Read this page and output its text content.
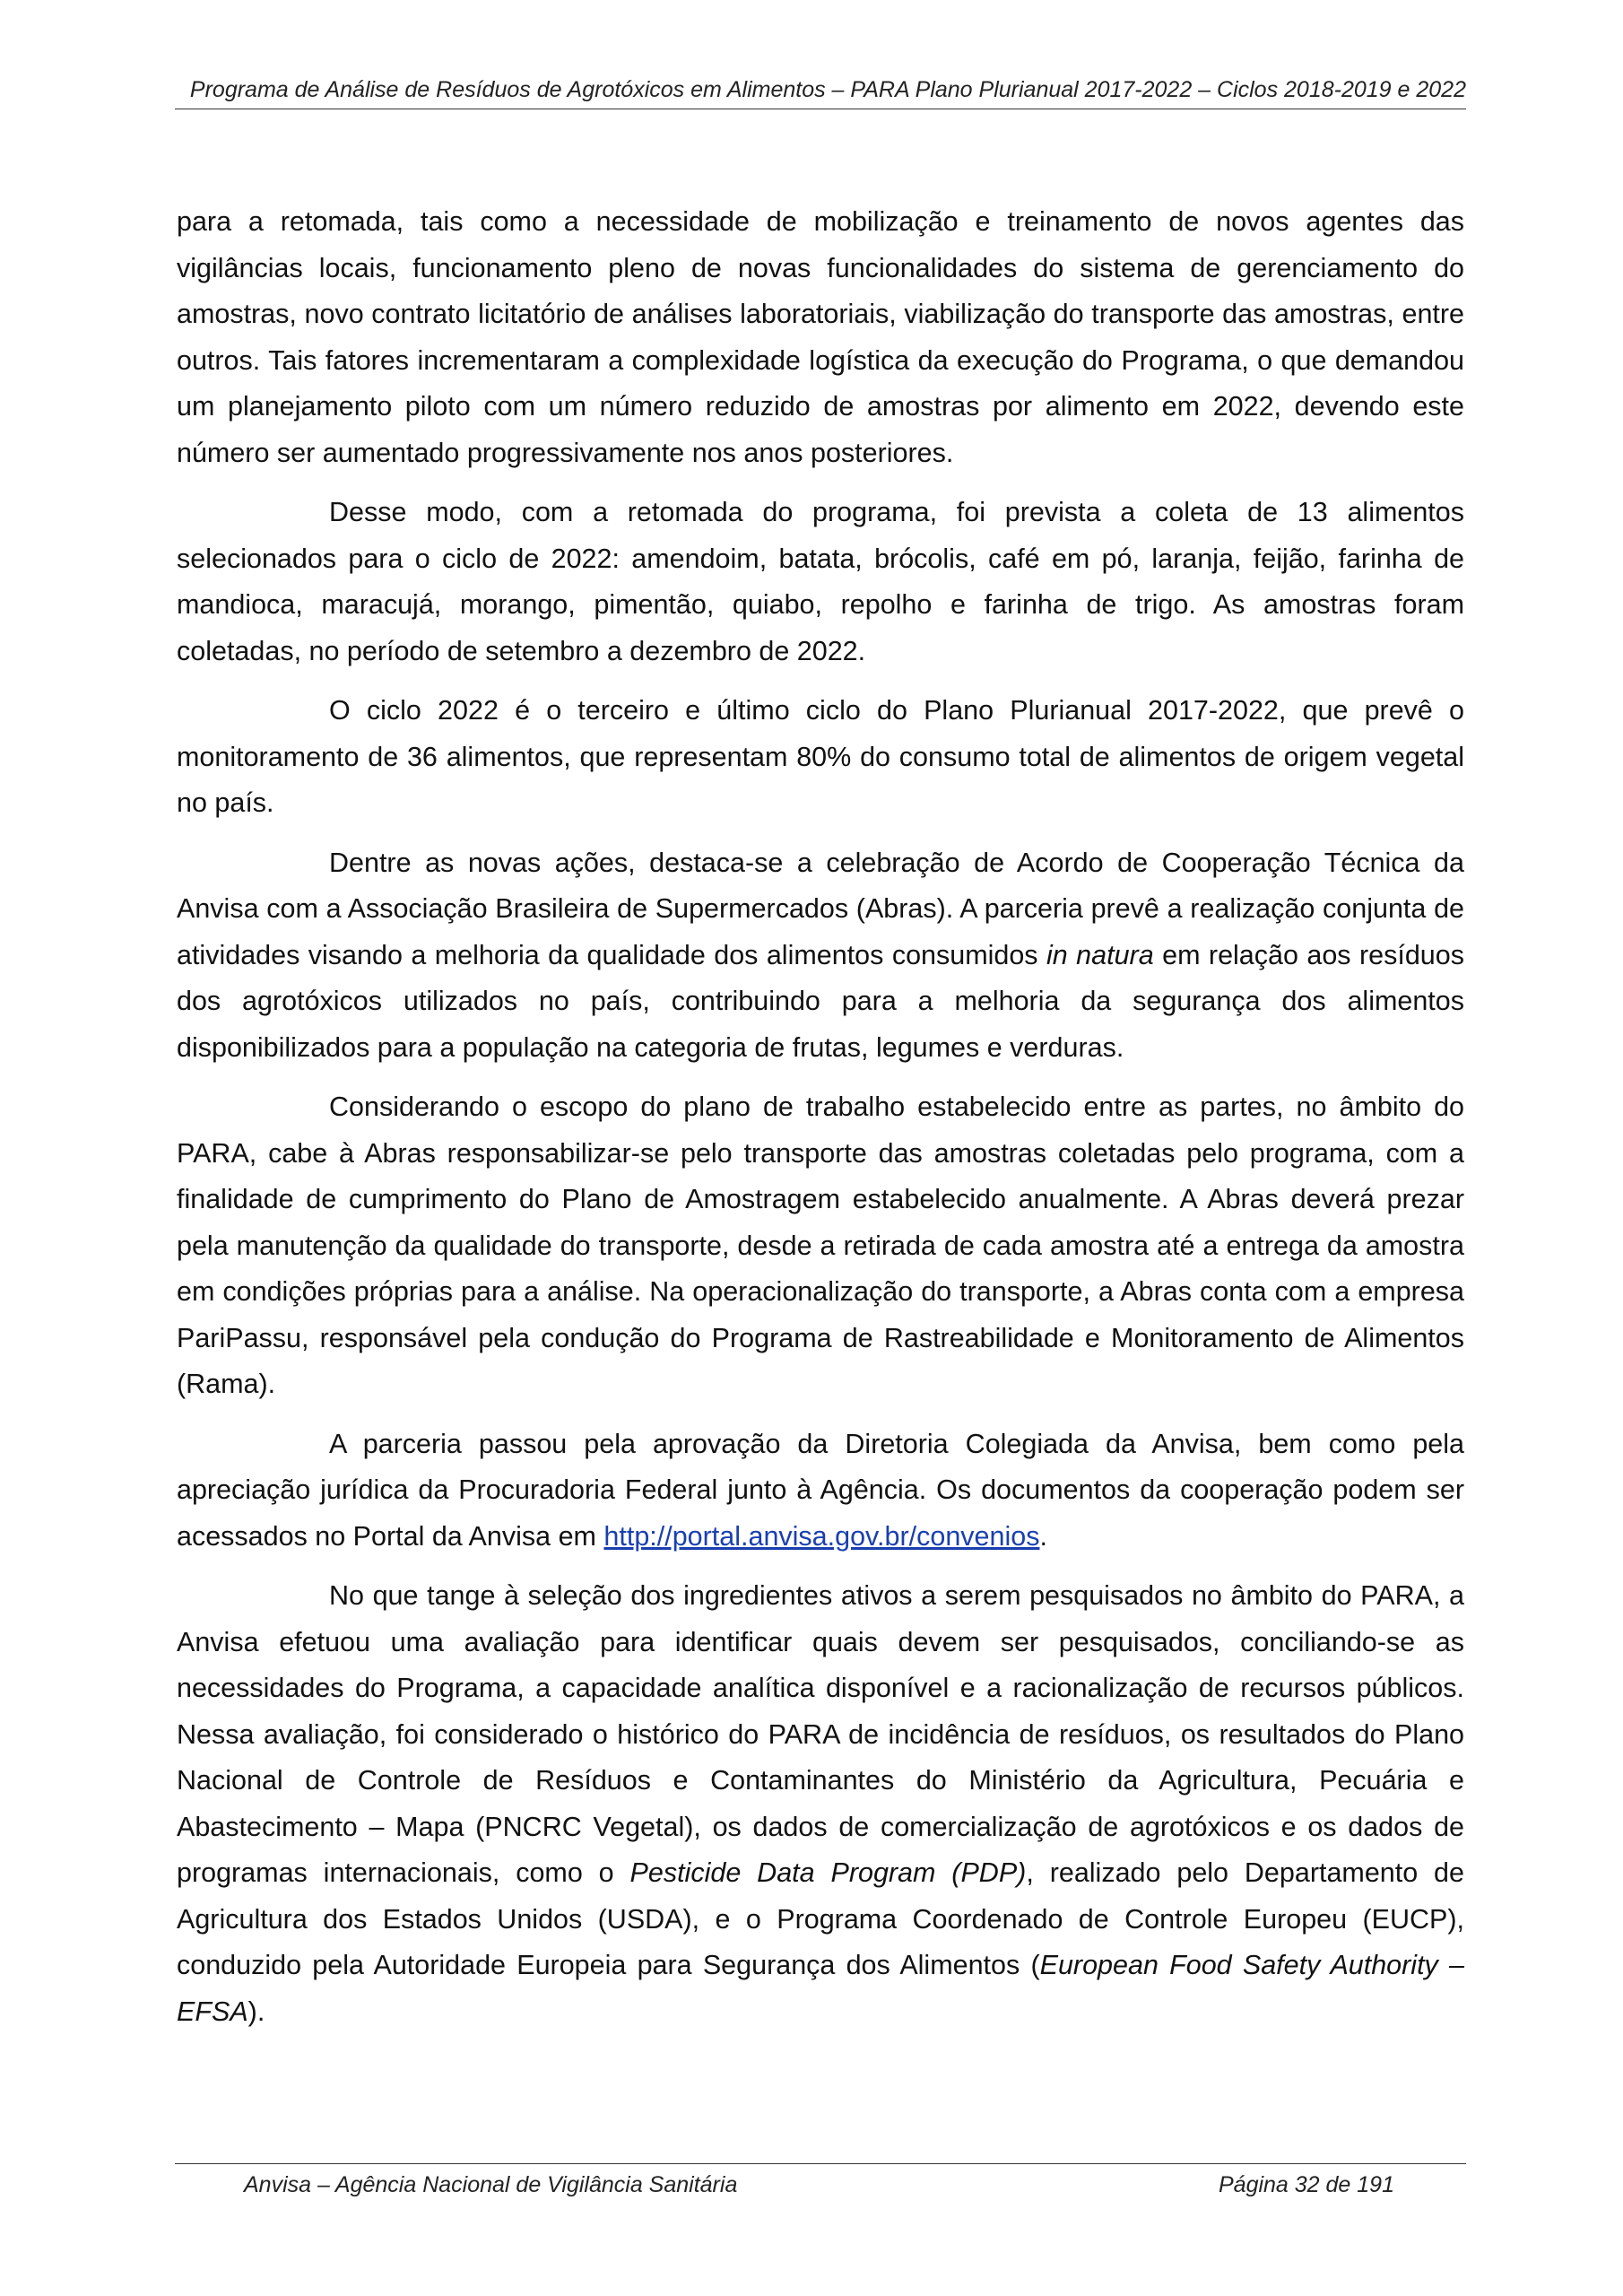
Programa de Análise de Resíduos de Agrotóxicos em Alimentos – PARA Plano Plurianual 2017-2022 – Ciclos 2018-2019 e 2022

para a retomada, tais como a necessidade de mobilização e treinamento de novos agentes das vigilâncias locais, funcionamento pleno de novas funcionalidades do sistema de gerenciamento do amostras, novo contrato licitatório de análises laboratoriais, viabilização do transporte das amostras, entre outros. Tais fatores incrementaram a complexidade logística da execução do Programa, o que demandou um planejamento piloto com um número reduzido de amostras por alimento em 2022, devendo este número ser aumentado progressivamente nos anos posteriores.

Desse modo, com a retomada do programa, foi prevista a coleta de 13 alimentos selecionados para o ciclo de 2022: amendoim, batata, brócolis, café em pó, laranja, feijão, farinha de mandioca, maracujá, morango, pimentão, quiabo, repolho e farinha de trigo. As amostras foram coletadas, no período de setembro a dezembro de 2022.

O ciclo 2022 é o terceiro e último ciclo do Plano Plurianual 2017-2022, que prevê o monitoramento de 36 alimentos, que representam 80% do consumo total de alimentos de origem vegetal no país.

Dentre as novas ações, destaca-se a celebração de Acordo de Cooperação Técnica da Anvisa com a Associação Brasileira de Supermercados (Abras). A parceria prevê a realização conjunta de atividades visando a melhoria da qualidade dos alimentos consumidos in natura em relação aos resíduos dos agrotóxicos utilizados no país, contribuindo para a melhoria da segurança dos alimentos disponibilizados para a população na categoria de frutas, legumes e verduras.

Considerando o escopo do plano de trabalho estabelecido entre as partes, no âmbito do PARA, cabe à Abras responsabilizar-se pelo transporte das amostras coletadas pelo programa, com a finalidade de cumprimento do Plano de Amostragem estabelecido anualmente. A Abras deverá prezar pela manutenção da qualidade do transporte, desde a retirada de cada amostra até a entrega da amostra em condições próprias para a análise. Na operacionalização do transporte, a Abras conta com a empresa PariPassu, responsável pela condução do Programa de Rastreabilidade e Monitoramento de Alimentos (Rama).

A parceria passou pela aprovação da Diretoria Colegiada da Anvisa, bem como pela apreciação jurídica da Procuradoria Federal junto à Agência. Os documentos da cooperação podem ser acessados no Portal da Anvisa em http://portal.anvisa.gov.br/convenios.

No que tange à seleção dos ingredientes ativos a serem pesquisados no âmbito do PARA, a Anvisa efetuou uma avaliação para identificar quais devem ser pesquisados, conciliando-se as necessidades do Programa, a capacidade analítica disponível e a racionalização de recursos públicos. Nessa avaliação, foi considerado o histórico do PARA de incidência de resíduos, os resultados do Plano Nacional de Controle de Resíduos e Contaminantes do Ministério da Agricultura, Pecuária e Abastecimento – Mapa (PNCRC Vegetal), os dados de comercialização de agrotóxicos e os dados de programas internacionais, como o Pesticide Data Program (PDP), realizado pelo Departamento de Agricultura dos Estados Unidos (USDA), e o Programa Coordenado de Controle Europeu (EUCP), conduzido pela Autoridade Europeia para Segurança dos Alimentos (European Food Safety Authority – EFSA).

Anvisa – Agência Nacional de Vigilância Sanitária	Página 32 de 191
